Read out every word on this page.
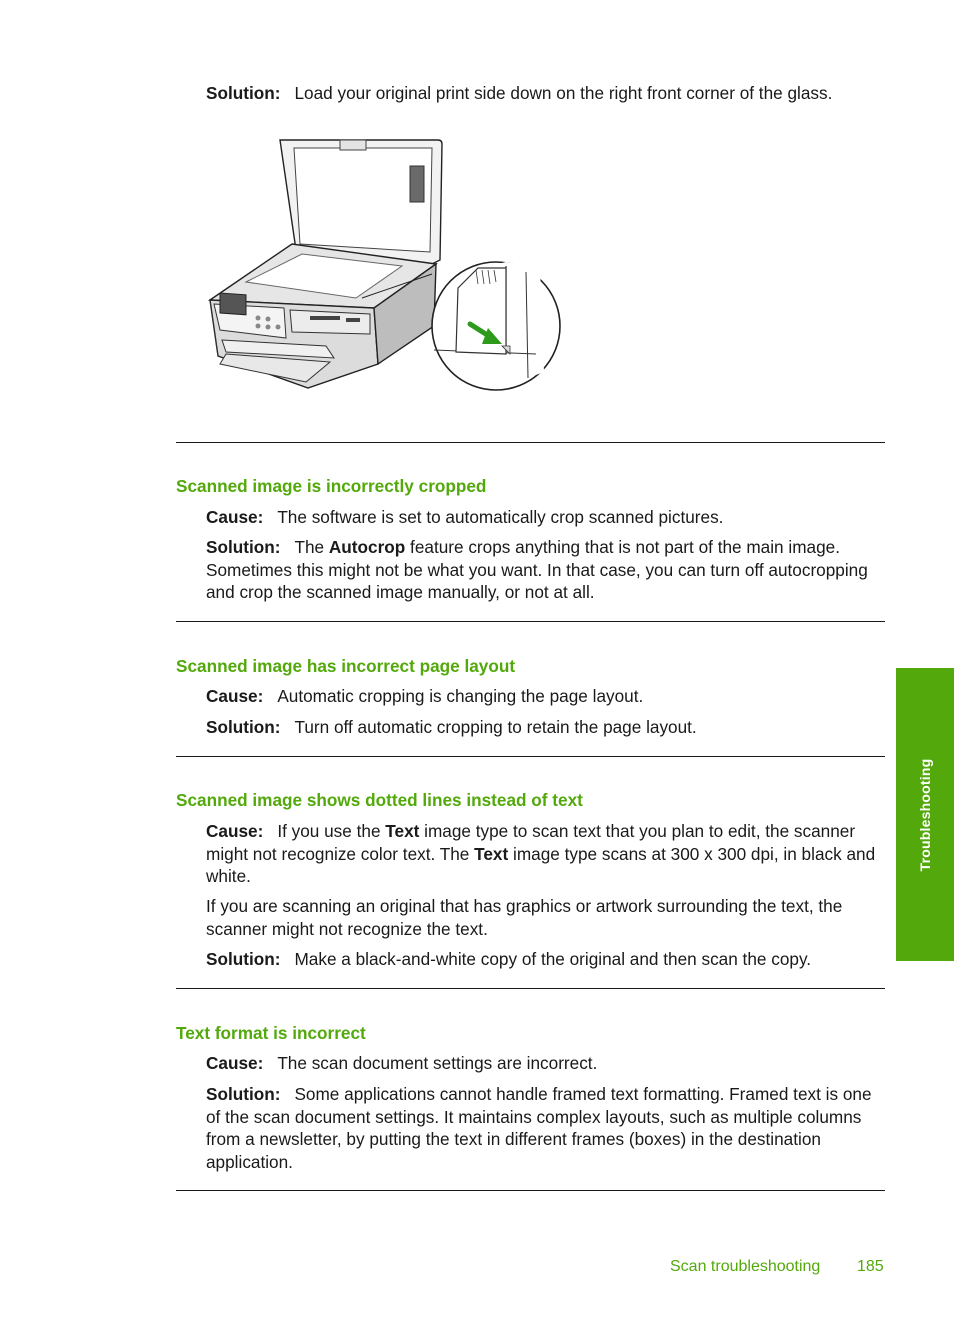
Solution: Load your original print side down on the right front corner of the glass.

Scanned image is incorrectly cropped

Cause: The software is set to automatically crop scanned pictures.

Solution: The Autocrop feature crops anything that is not part of the main image. Sometimes this might not be what you want. In that case, you can turn off autocropping and crop the scanned image manually, or not at all.

Scanned image has incorrect page layout

Cause: Automatic cropping is changing the page layout.

Solution: Turn off automatic cropping to retain the page layout.

Scanned image shows dotted lines instead of text

Cause: If you use the Text image type to scan text that you plan to edit, the scanner might not recognize color text. The Text image type scans at 300 x 300 dpi, in black and white.

If you are scanning an original that has graphics or artwork surrounding the text, the scanner might not recognize the text.

Solution: Make a black-and-white copy of the original and then scan the copy.

Text format is incorrect

Cause: The scan document settings are incorrect.

Solution: Some applications cannot handle framed text formatting. Framed text is one of the scan document settings. It maintains complex layouts, such as multiple columns from a newsletter, by putting the text in different frames (boxes) in the destination application.

Troubleshooting
Scan troubleshooting 185
